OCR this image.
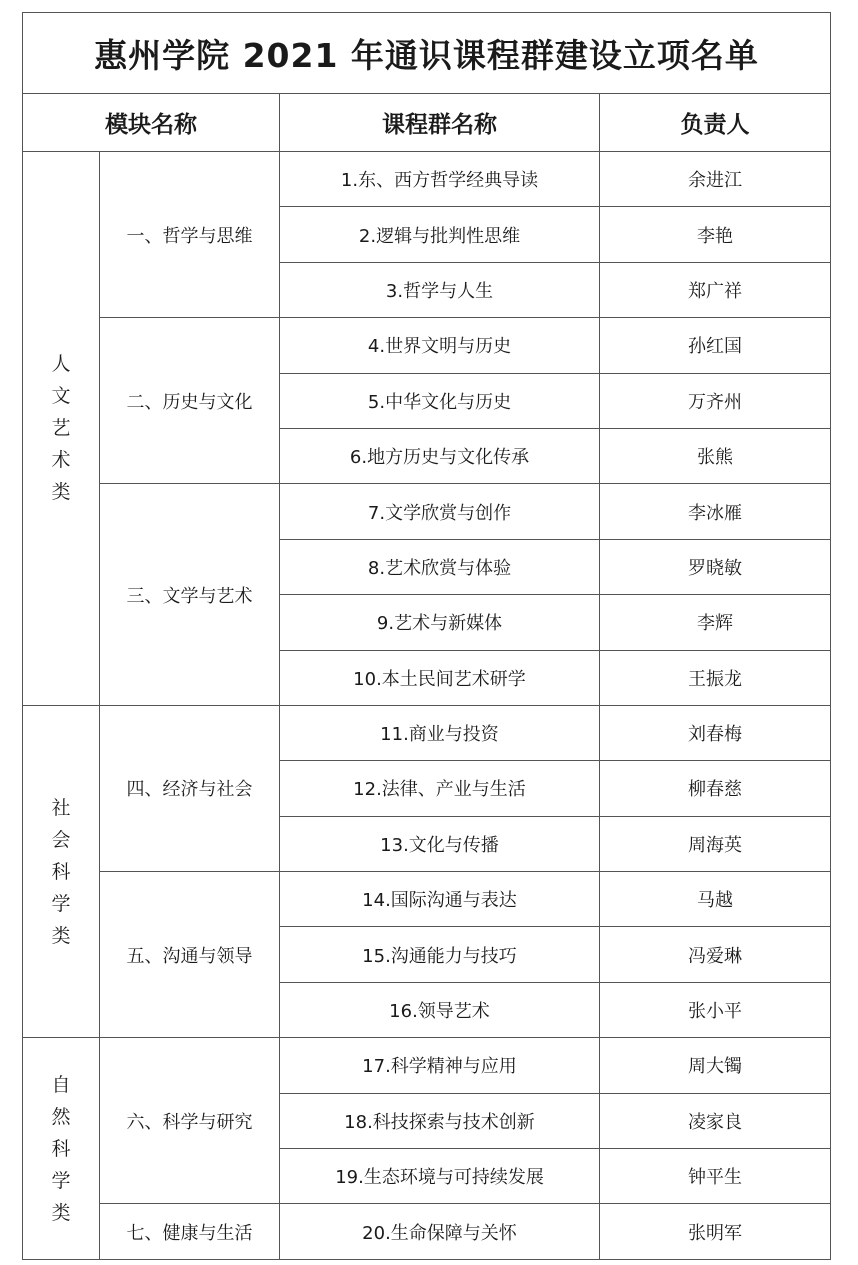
惠州学院 2021 年通识课程群建设立项名单			
模块名称		课程群名称	负责人
人文艺术类	一、哲学与思维	1.东、西方哲学经典导读	余进江
		2.逻辑与批判性思维	李艳
		3.哲学与人生	郑广祥
	二、历史与文化	4.世界文明与历史	孙红国
		5.中华文化与历史	万齐州
		6.地方历史与文化传承	张熊
	三、文学与艺术	7.文学欣赏与创作	李冰雁
		8.艺术欣赏与体验	罗晓敏
		9.艺术与新媒体	李辉
		10.本土民间艺术研学	王振龙
社会科学类	四、经济与社会	11.商业与投资	刘春梅
		12.法律、产业与生活	柳春慈
		13.文化与传播	周海英
	五、沟通与领导	14.国际沟通与表达	马越
		15.沟通能力与技巧	冯爱琳
		16.领导艺术	张小平
自然科学类	六、科学与研究	17.科学精神与应用	周大镯
		18.科技探索与技术创新	凌家良
		19.生态环境与可持续发展	钟平生
	七、健康与生活	20.生命保障与关怀	张明军
